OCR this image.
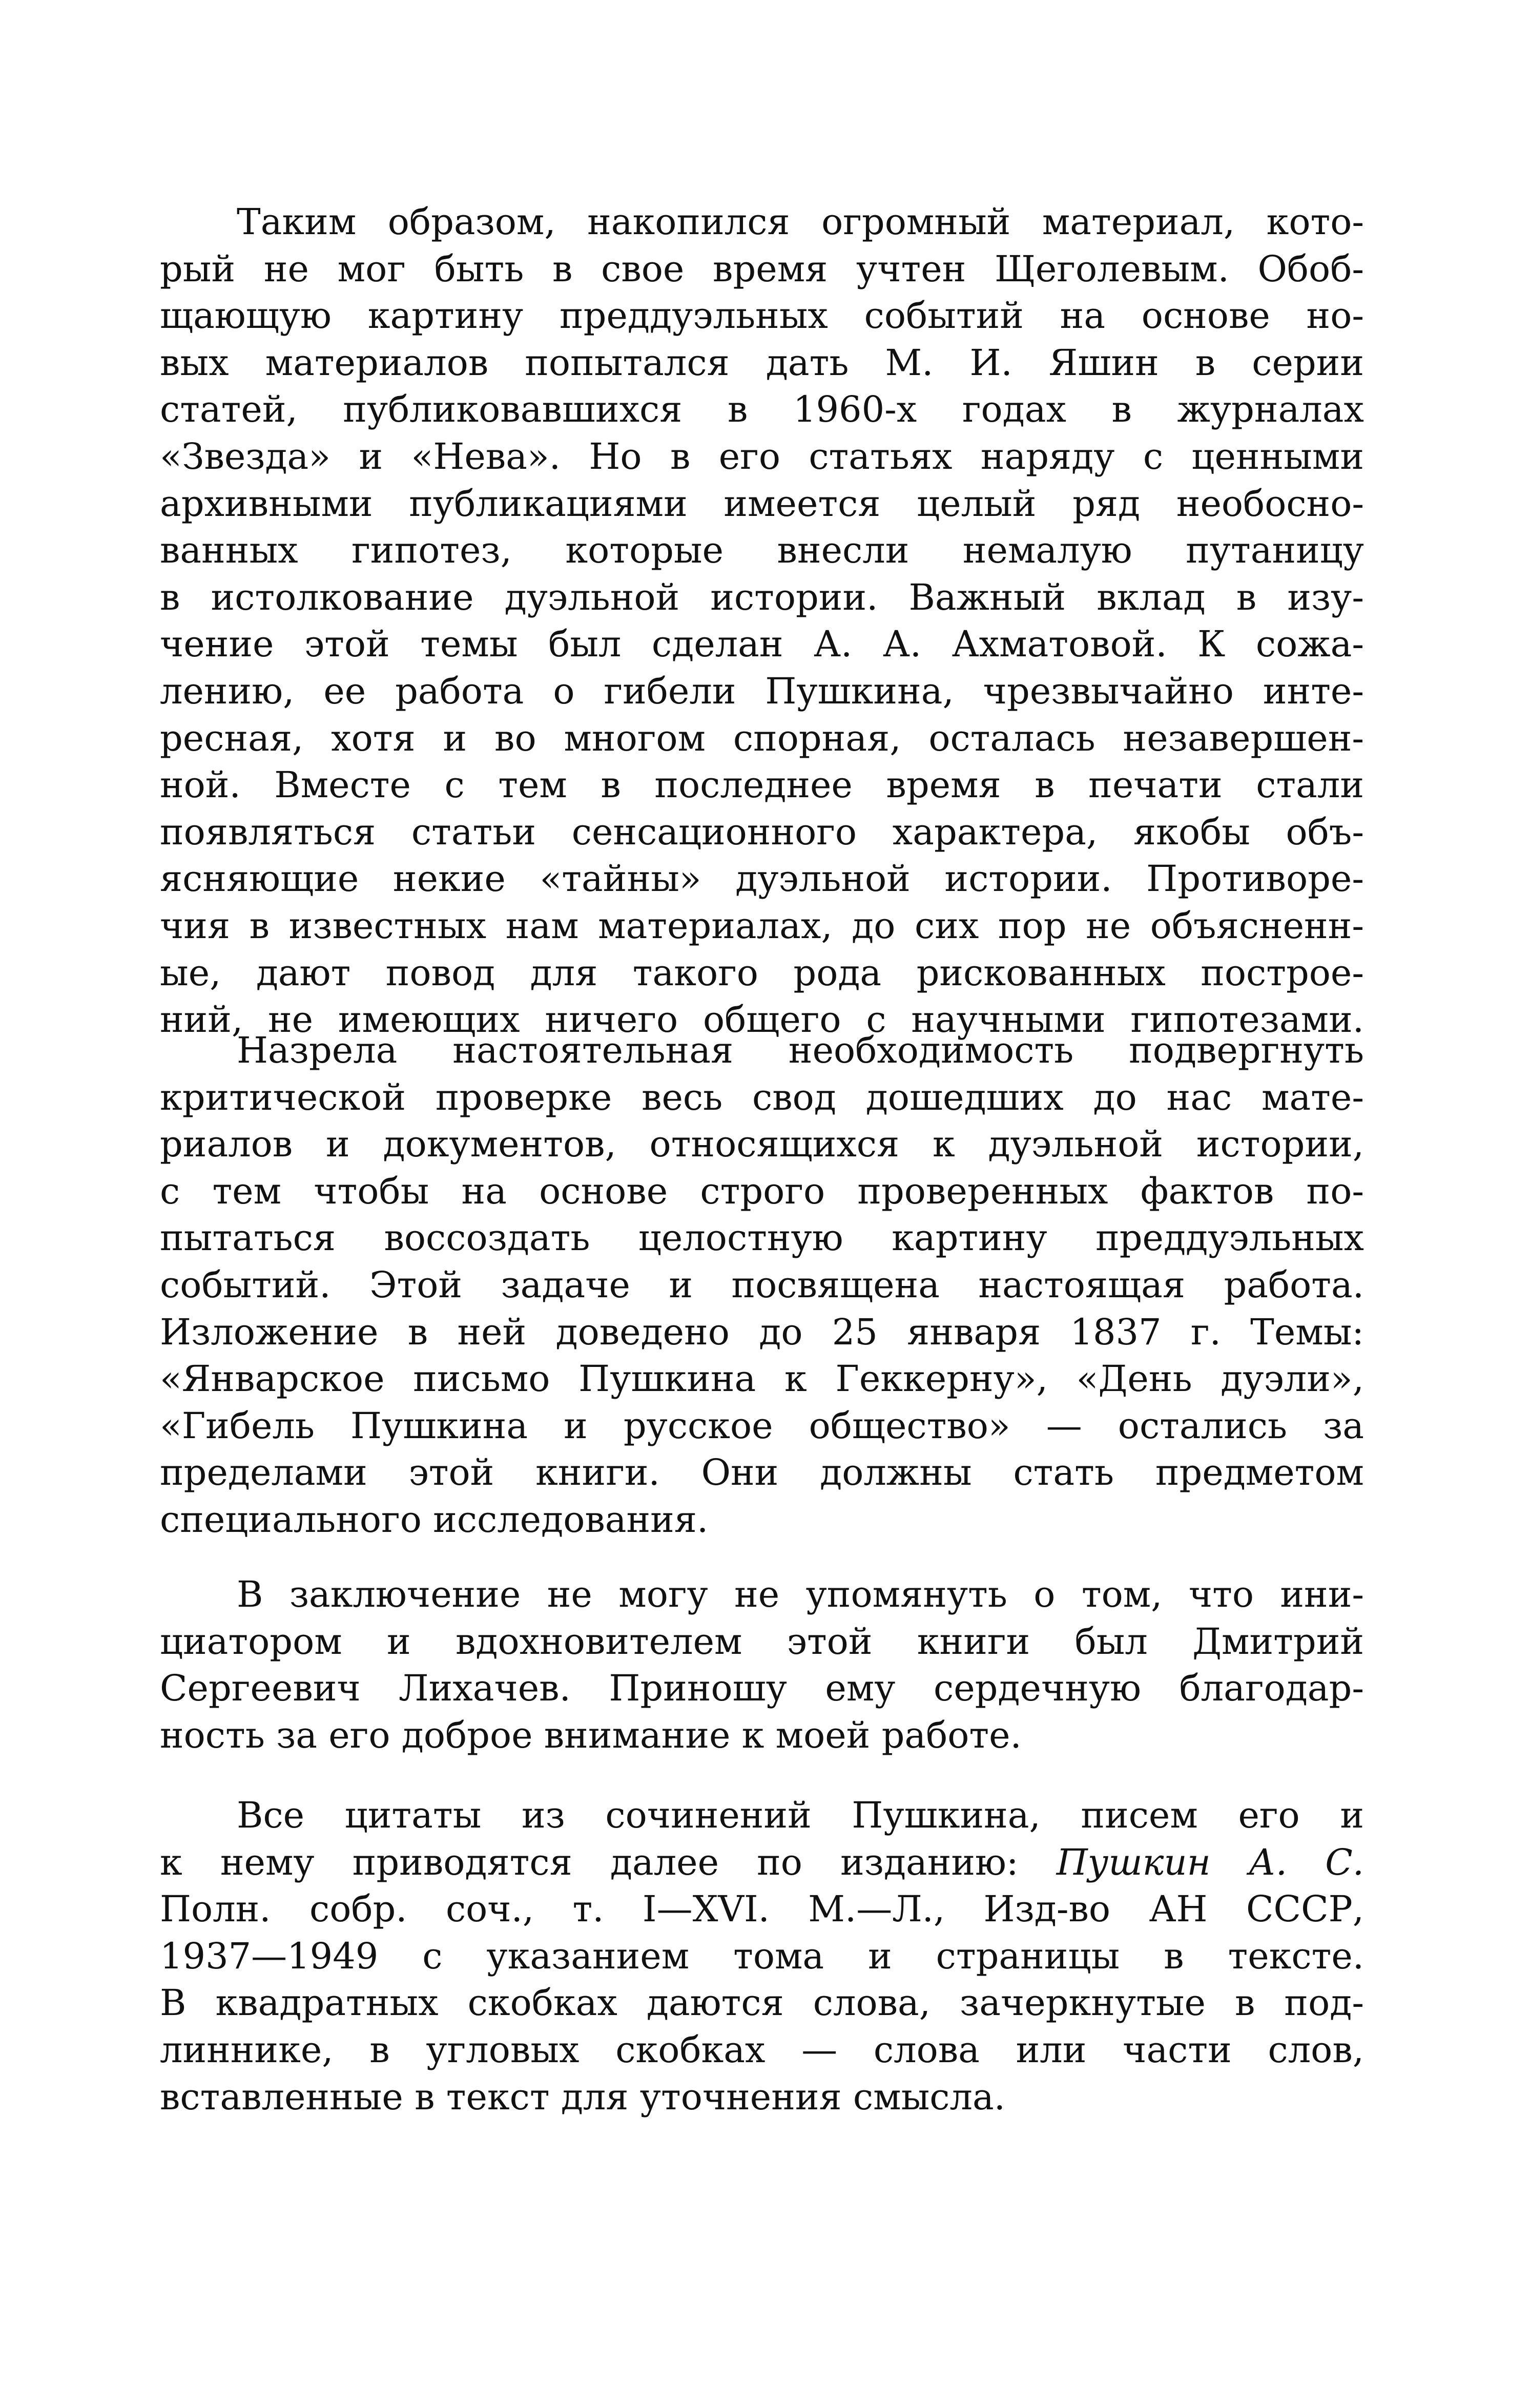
Таким образом, накопился огромный материал, кото-
рый не мог быть в свое время учтен Щеголевым. Обоб-
щающую картину преддуэльных событий на основе но-
вых материалов попытался дать М. И. Яшин в серии
статей, публиковавшихся в 1960-х годах в журналах
«Звезда» и «Нева». Но в его статьях наряду с ценными
архивными публикациями имеется целый ряд необосно-
ванных гипотез, которые внесли немалую путаницу
в истолкование дуэльной истории. Важный вклад в изу-
чение этой темы был сделан А. А. Ахматовой. К сожа-
лению, ее работа о гибели Пушкина, чрезвычайно инте-
ресная, хотя и во многом спорная, осталась незавершен-
ной. Вместе с тем в последнее время в печати стали
появляться статьи сенсационного характера, якобы объ-
ясняющие некие «тайны» дуэльной истории. Противоре-
чия в известных нам материалах, до сих пор не объясненн-
ые, дают повод для такого рода рискованных построе-
ний, не имеющих ничего общего с научными гипотезами.
Назрела настоятельная необходимость подвергнуть
критической проверке весь свод дошедших до нас мате-
риалов и документов, относящихся к дуэльной истории,
с тем чтобы на основе строго проверенных фактов по-
пытаться воссоздать целостную картину преддуэльных
событий. Этой задаче и посвящена настоящая работа.
Изложение в ней доведено до 25 января 1837 г. Темы:
«Январское письмо Пушкина к Геккерну», «День дуэли»,
«Гибель Пушкина и русское общество» — остались за
пределами этой книги. Они должны стать предметом
специального исследования.
В заключение не могу не упомянуть о том, что ини-
циатором и вдохновителем этой книги был Дмитрий
Сергеевич Лихачев. Приношу ему сердечную благодар-
ность за его доброе внимание к моей работе.
Все цитаты из сочинений Пушкина, писем его и
к нему приводятся далее по изданию: Пушкин А. С.
Полн. собр. соч., т. I—XVI. М.—Л., Изд-во АН СССР,
1937—1949 с указанием тома и страницы в тексте.
В квадратных скобках даются слова, зачеркнутые в под-
линнике, в угловых скобках — слова или части слов,
вставленные в текст для уточнения смысла.
